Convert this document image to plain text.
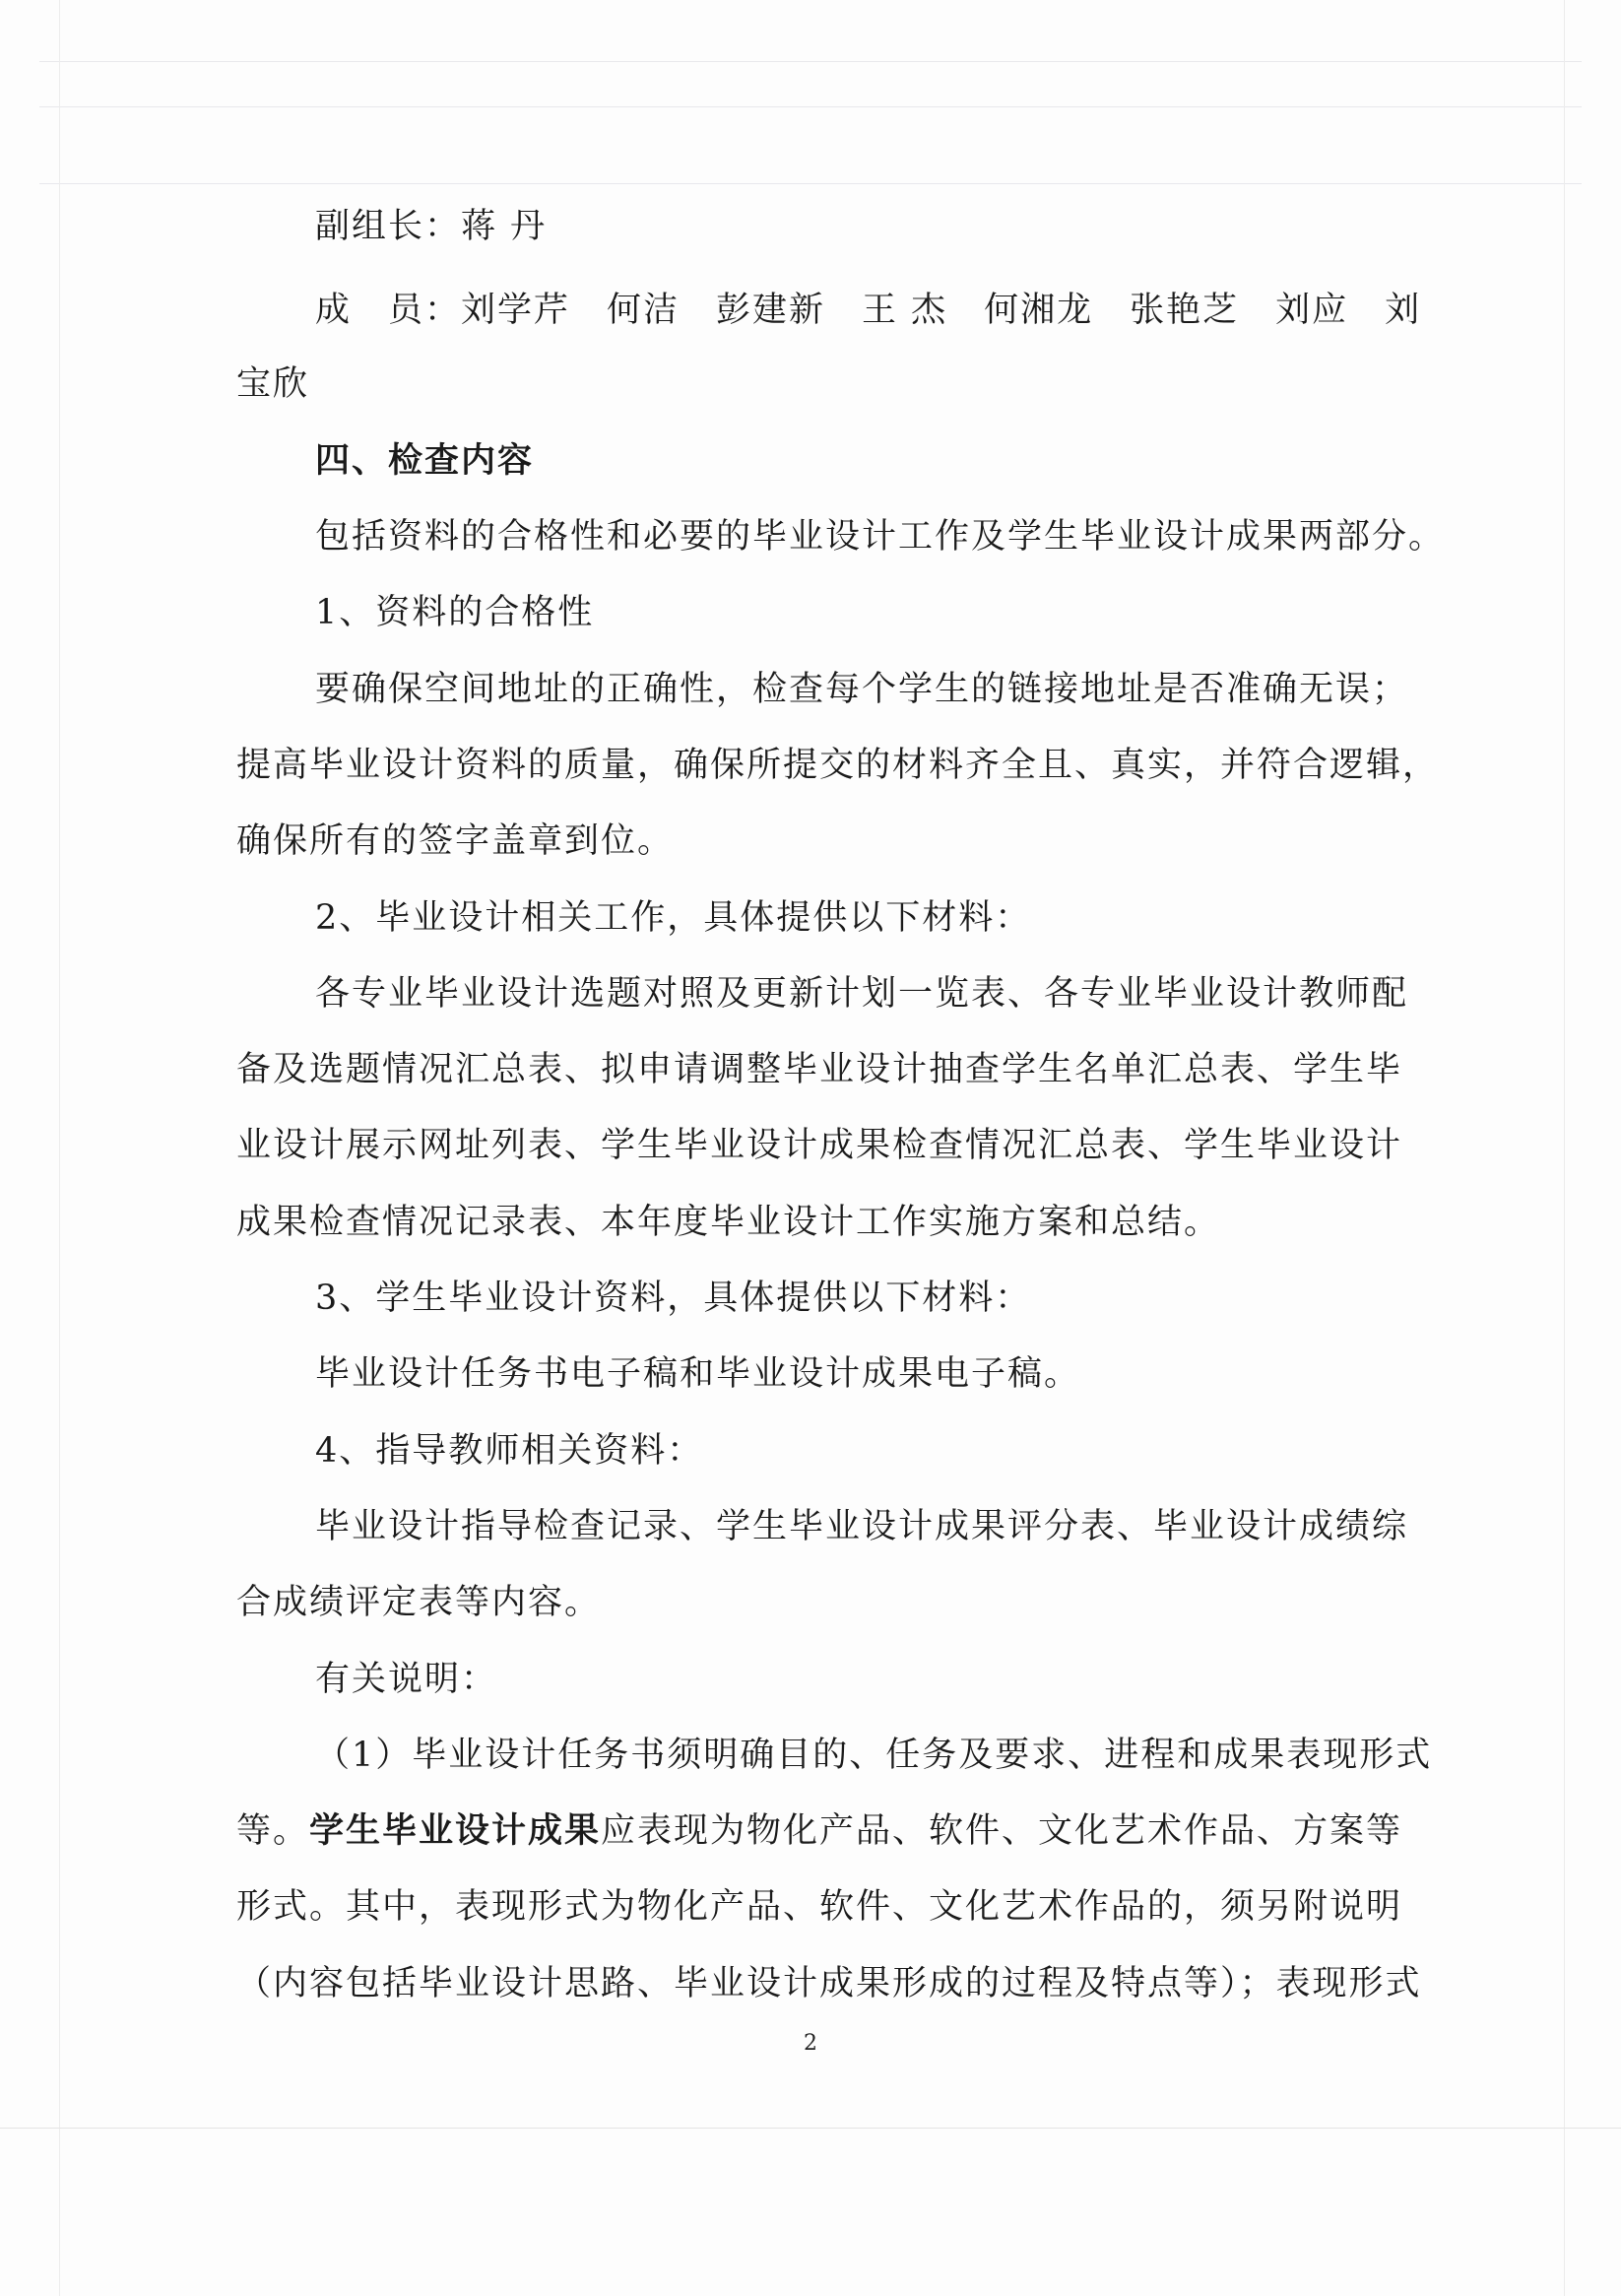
副组长：蒋 丹
成　员：刘学芹　何洁　彭建新　王 杰　何湘龙　张艳芝　刘应　刘
宝欣
四、检查内容
包括资料的合格性和必要的毕业设计工作及学生毕业设计成果两部分。
1、资料的合格性
要确保空间地址的正确性，检查每个学生的链接地址是否准确无误；
提高毕业设计资料的质量，确保所提交的材料齐全且、真实，并符合逻辑，
确保所有的签字盖章到位。
2、毕业设计相关工作，具体提供以下材料：
各专业毕业设计选题对照及更新计划一览表、各专业毕业设计教师配
备及选题情况汇总表、拟申请调整毕业设计抽查学生名单汇总表、学生毕
业设计展示网址列表、学生毕业设计成果检查情况汇总表、学生毕业设计
成果检查情况记录表、本年度毕业设计工作实施方案和总结。
3、学生毕业设计资料，具体提供以下材料：
毕业设计任务书电子稿和毕业设计成果电子稿。
4、指导教师相关资料：
毕业设计指导检查记录、学生毕业设计成果评分表、毕业设计成绩综
合成绩评定表等内容。
有关说明：
（1）毕业设计任务书须明确目的、任务及要求、进程和成果表现形式
等。学生毕业设计成果应表现为物化产品、软件、文化艺术作品、方案等
形式。其中，表现形式为物化产品、软件、文化艺术作品的，须另附说明
（内容包括毕业设计思路、毕业设计成果形成的过程及特点等）；表现形式
2
